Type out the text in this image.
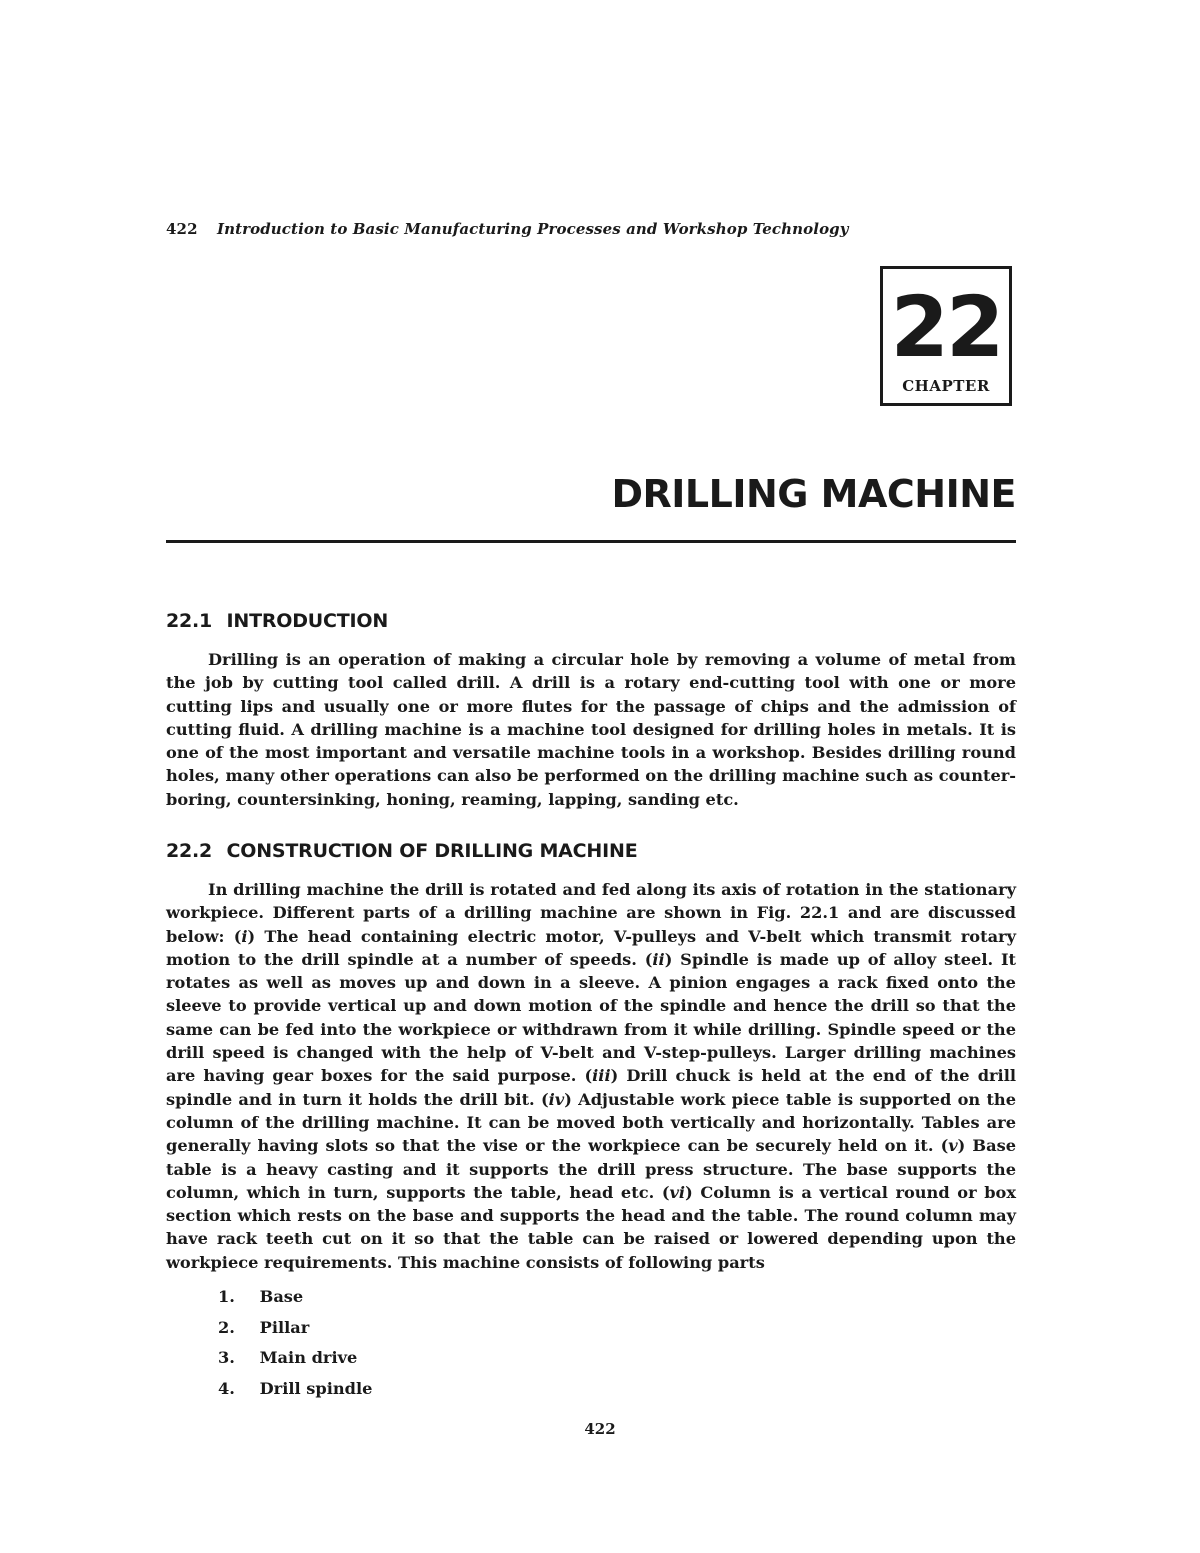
422 Introduction to Basic Manufacturing Processes and Workshop Technology
22
CHAPTER
DRILLING MACHINE
22.1 INTRODUCTION

Drilling is an operation of making a circular hole by removing a volume of metal from the job by cutting tool called drill. A drill is a rotary end-cutting tool with one or more cutting lips and usually one or more flutes for the passage of chips and the admission of cutting fluid. A drilling machine is a machine tool designed for drilling holes in metals. It is one of the most important and versatile machine tools in a workshop. Besides drilling round holes, many other operations can also be performed on the drilling machine such as counter- boring, countersinking, honing, reaming, lapping, sanding etc.

22.2 CONSTRUCTION OF DRILLING MACHINE

In drilling machine the drill is rotated and fed along its axis of rotation in the stationary workpiece. Different parts of a drilling machine are shown in Fig. 22.1 and are discussed below: (i) The head containing electric motor, V-pulleys and V-belt which transmit rotary motion to the drill spindle at a number of speeds. (ii) Spindle is made up of alloy steel. It rotates as well as moves up and down in a sleeve. A pinion engages a rack fixed onto the sleeve to provide vertical up and down motion of the spindle and hence the drill so that the same can be fed into the workpiece or withdrawn from it while drilling. Spindle speed or the drill speed is changed with the help of V-belt and V-step-pulleys. Larger drilling machines are having gear boxes for the said purpose. (iii) Drill chuck is held at the end of the drill spindle and in turn it holds the drill bit. (iv) Adjustable work piece table is supported on the column of the drilling machine. It can be moved both vertically and horizontally. Tables are generally having slots so that the vise or the workpiece can be securely held on it. (v) Base table is a heavy casting and it supports the drill press structure. The base supports the column, which in turn, supports the table, head etc. (vi) Column is a vertical round or box section which rests on the base and supports the head and the table. The round column may have rack teeth cut on it so that the table can be raised or lowered depending upon the workpiece requirements. This machine consists of following parts

1. Base
2. Pillar
3. Main drive
4. Drill spindle
422
